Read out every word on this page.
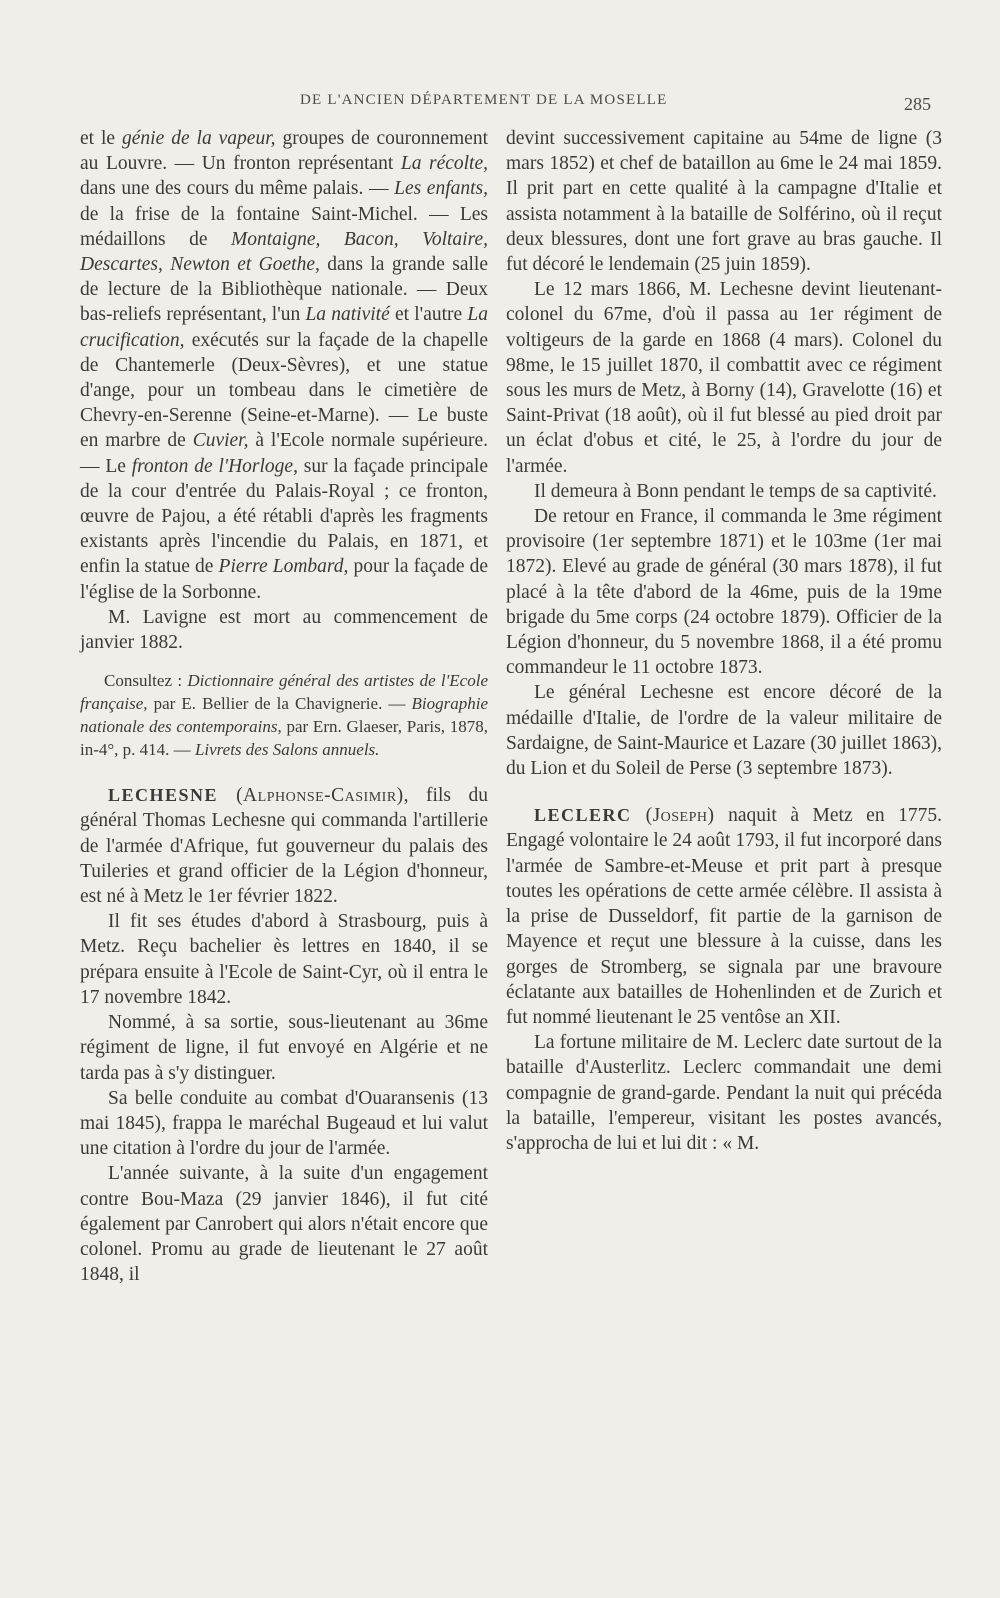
DE L'ANCIEN DÉPARTEMENT DE LA MOSELLE	285

et le génie de la vapeur, groupes de couronnement au Louvre. — Un fronton représentant La récolte, dans une des cours du même palais. — Les enfants, de la frise de la fontaine Saint-Michel. — Les médaillons de Montaigne, Bacon, Voltaire, Descartes, Newton et Goethe, dans la grande salle de lecture de la Bibliothèque nationale. — Deux bas-reliefs représentant, l'un La nativité et l'autre La crucification, exécutés sur la façade de la chapelle de Chantemerle (Deux-Sèvres), et une statue d'ange, pour un tombeau dans le cimetière de Chevry-en-Serenne (Seine-et-Marne). — Le buste en marbre de Cuvier, à l'Ecole normale supérieure. — Le fronton de l'Horloge, sur la façade principale de la cour d'entrée du Palais-Royal ; ce fronton, œuvre de Pajou, a été rétabli d'après les fragments existants après l'incendie du Palais, en 1871, et enfin la statue de Pierre Lombard, pour la façade de l'église de la Sorbonne.

M. Lavigne est mort au commencement de janvier 1882.

Consultez : Dictionnaire général des artistes de l'Ecole française, par E. Bellier de la Chavignerie. — Biographie nationale des contemporains, par Ern. Glaeser, Paris, 1878, in-4°, p. 414. — Livrets des Salons annuels.

LECHESNE (Alphonse-Casimir), fils du général Thomas Lechesne qui commanda l'artillerie de l'armée d'Afrique, fut gouverneur du palais des Tuileries et grand officier de la Légion d'honneur, est né à Metz le 1er février 1822.

Il fit ses études d'abord à Strasbourg, puis à Metz. Reçu bachelier ès lettres en 1840, il se prépara ensuite à l'Ecole de Saint-Cyr, où il entra le 17 novembre 1842.

Nommé, à sa sortie, sous-lieutenant au 36me régiment de ligne, il fut envoyé en Algérie et ne tarda pas à s'y distinguer.

Sa belle conduite au combat d'Ouaransenis (13 mai 1845), frappa le maréchal Bugeaud et lui valut une citation à l'ordre du jour de l'armée.

L'année suivante, à la suite d'un engagement contre Bou-Maza (29 janvier 1846), il fut cité également par Canrobert qui alors n'était encore que colonel. Promu au grade de lieutenant le 27 août 1848, il

devint successivement capitaine au 54me de ligne (3 mars 1852) et chef de bataillon au 6me le 24 mai 1859. Il prit part en cette qualité à la campagne d'Italie et assista notamment à la bataille de Solférino, où il reçut deux blessures, dont une fort grave au bras gauche. Il fut décoré le lendemain (25 juin 1859).

Le 12 mars 1866, M. Lechesne devint lieutenant-colonel du 67me, d'où il passa au 1er régiment de voltigeurs de la garde en 1868 (4 mars). Colonel du 98me, le 15 juillet 1870, il combattit avec ce régiment sous les murs de Metz, à Borny (14), Gravelotte (16) et Saint-Privat (18 août), où il fut blessé au pied droit par un éclat d'obus et cité, le 25, à l'ordre du jour de l'armée.

Il demeura à Bonn pendant le temps de sa captivité.

De retour en France, il commanda le 3me régiment provisoire (1er septembre 1871) et le 103me (1er mai 1872). Elevé au grade de général (30 mars 1878), il fut placé à la tête d'abord de la 46me, puis de la 19me brigade du 5me corps (24 octobre 1879). Officier de la Légion d'honneur, du 5 novembre 1868, il a été promu commandeur le 11 octobre 1873.

Le général Lechesne est encore décoré de la médaille d'Italie, de l'ordre de la valeur militaire de Sardaigne, de Saint-Maurice et Lazare (30 juillet 1863), du Lion et du Soleil de Perse (3 septembre 1873).

LECLERC (Joseph) naquit à Metz en 1775. Engagé volontaire le 24 août 1793, il fut incorporé dans l'armée de Sambre-et-Meuse et prit part à presque toutes les opérations de cette armée célèbre. Il assista à la prise de Dusseldorf, fit partie de la garnison de Mayence et reçut une blessure à la cuisse, dans les gorges de Stromberg, se signala par une bravoure éclatante aux batailles de Hohenlinden et de Zurich et fut nommé lieutenant le 25 ventôse an XII.

La fortune militaire de M. Leclerc date surtout de la bataille d'Austerlitz. Leclerc commandait une demi compagnie de grand-garde. Pendant la nuit qui précéda la bataille, l'empereur, visitant les postes avancés, s'approcha de lui et lui dit : « M.
